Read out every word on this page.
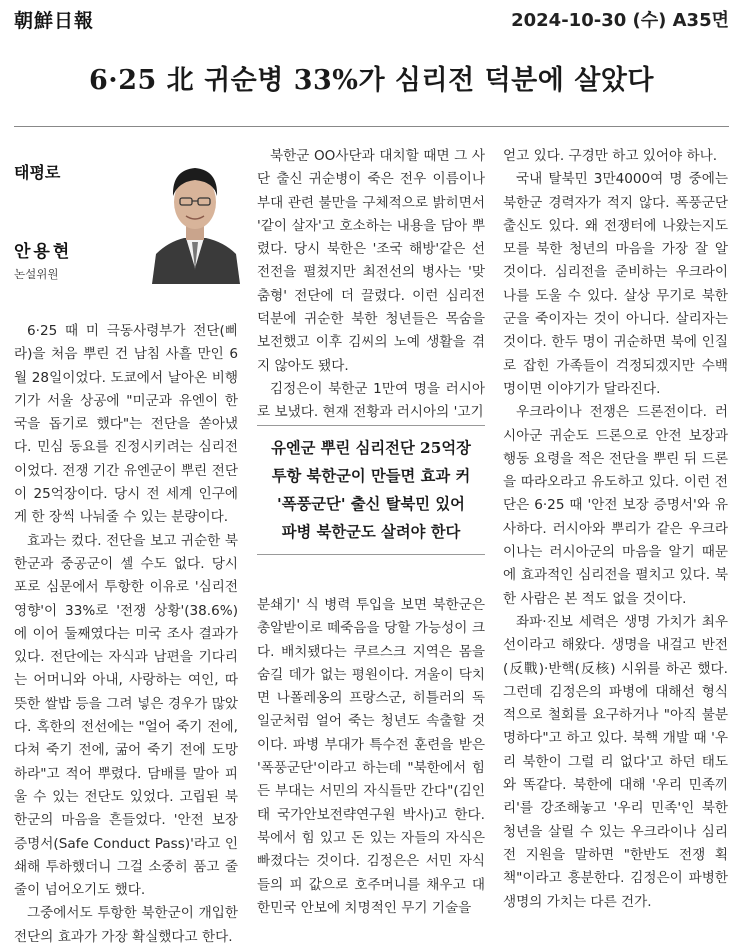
朝鮮日報	2024-10-30 (수) A35면
6·25 北 귀순병 33%가 심리전 덕분에 살았다
태평로
안용현
논설위원

6·25 때 미 극동사령부가 전단(삐라)을 처음 뿌린 건 남침 사흘 만인 6월 28일이었다. 도쿄에서 날아온 비행기가 서울 상공에 "미군과 유엔이 한국을 돕기로 했다"는 전단을 쏟아냈다. 민심 동요를 진정시키려는 심리전이었다. 전쟁 기간 유엔군이 뿌린 전단이 25억장이다. 당시 전 세계 인구에게 한 장씩 나눠줄 수 있는 분량이다.

효과는 컸다. 전단을 보고 귀순한 북한군과 중공군이 셀 수도 없다. 당시 포로 심문에서 투항한 이유로 '심리전 영향'이 33%로 '전쟁 상황'(38.6%)에 이어 둘째였다는 미국 조사 결과가 있다. 전단에는 자식과 남편을 기다리는 어머니와 아내, 사랑하는 여인, 따뜻한 쌀밥 등을 그려 넣은 경우가 많았다. 혹한의 전선에는 "얼어 죽기 전에, 다쳐 죽기 전에, 굶어 죽기 전에 도망하라"고 적어 뿌렸다. 담배를 말아 피울 수 있는 전단도 있었다. 고립된 북한군의 마음을 흔들었다. '안전 보장 증명서(Safe Conduct Pass)'라고 인쇄해 투하했더니 그걸 소중히 품고 줄줄이 넘어오기도 했다.

그중에서도 투항한 북한군이 개입한 전단의 효과가 가장 확실했다고 한다.

북한군 OO사단과 대치할 때면 그 사단 출신 귀순병이 죽은 전우 이름이나 부대 관련 불만을 구체적으로 밝히면서 '같이 살자'고 호소하는 내용을 담아 뿌렸다. 당시 북한은 '조국 해방'같은 선전전을 펼쳤지만 최전선의 병사는 '맞춤형' 전단에 더 끌렸다. 이런 심리전 덕분에 귀순한 북한 청년들은 목숨을 보전했고 이후 김씨의 노예 생활을 겪지 않아도 됐다.

김정은이 북한군 1만여 명을 러시아로 보냈다. 현재 전황과 러시아의 '고기

유엔군 뿌린 심리전단 25억장
투항 북한군이 만들면 효과 커
'폭풍군단' 출신 탈북민 있어
파병 북한군도 살려야 한다

분쇄기' 식 병력 투입을 보면 북한군은 총알받이로 떼죽음을 당할 가능성이 크다. 배치됐다는 쿠르스크 지역은 몸을 숨길 데가 없는 평원이다. 겨울이 닥치면 나폴레옹의 프랑스군, 히틀러의 독일군처럼 얼어 죽는 청년도 속출할 것이다. 파병 부대가 특수전 훈련을 받은 '폭풍군단'이라고 하는데 "북한에서 힘든 부대는 서민의 자식들만 간다"(김인태 국가안보전략연구원 박사)고 한다. 북에서 힘 있고 돈 있는 자들의 자식은 빠졌다는 것이다. 김정은은 서민 자식들의 피 값으로 호주머니를 채우고 대한민국 안보에 치명적인 무기 기술을

얻고 있다. 구경만 하고 있어야 하나.

국내 탈북민 3만4000여 명 중에는 북한군 경력자가 적지 않다. 폭풍군단 출신도 있다. 왜 전쟁터에 나왔는지도 모를 북한 청년의 마음을 가장 잘 알 것이다. 심리전을 준비하는 우크라이나를 도울 수 있다. 살상 무기로 북한군을 죽이자는 것이 아니다. 살리자는 것이다. 한두 명이 귀순하면 북에 인질로 잡힌 가족들이 걱정되겠지만 수백 명이면 이야기가 달라진다.

우크라이나 전쟁은 드론전이다. 러시아군 귀순도 드론으로 안전 보장과 행동 요령을 적은 전단을 뿌린 뒤 드론을 따라오라고 유도하고 있다. 이런 전단은 6·25 때 '안전 보장 증명서'와 유사하다. 러시아와 뿌리가 같은 우크라이나는 러시아군의 마음을 알기 때문에 효과적인 심리전을 펼치고 있다. 북한 사람은 본 적도 없을 것이다.

좌파·진보 세력은 생명 가치가 최우선이라고 해왔다. 생명을 내걸고 반전(反戰)·반핵(反核) 시위를 하곤 했다. 그런데 김정은의 파병에 대해선 형식적으로 철회를 요구하거나 "아직 불분명하다"고 하고 있다. 북핵 개발 때 '우리 북한이 그럴 리 없다'고 하던 태도와 똑같다. 북한에 대해 '우리 민족끼리'를 강조해놓고 '우리 민족'인 북한 청년을 살릴 수 있는 우크라이나 심리전 지원을 말하면 "한반도 전쟁 획책"이라고 흥분한다. 김정은이 파병한 생명의 가치는 다른 건가.
